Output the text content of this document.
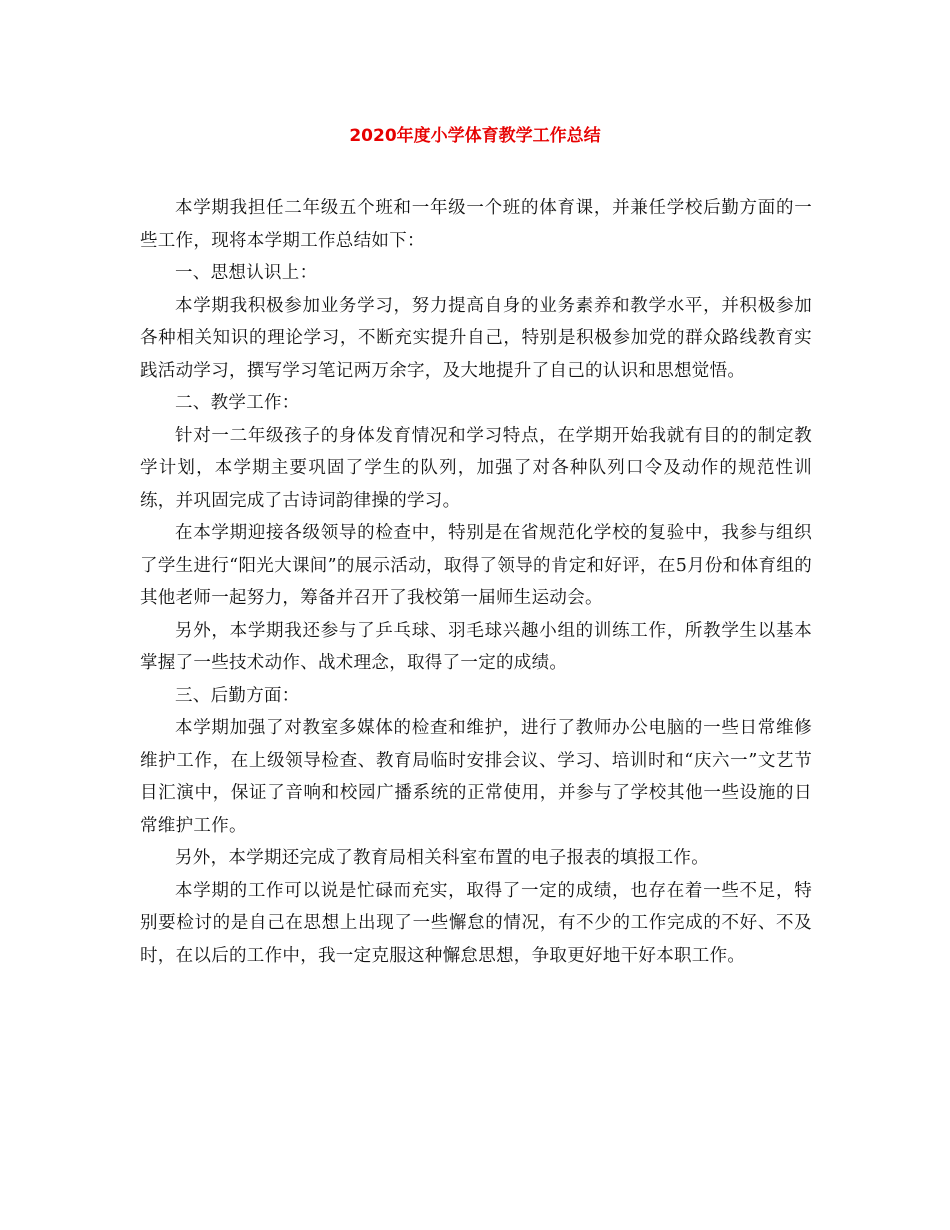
2020年度小学体育教学工作总结

本学期我担任二年级五个班和一年级一个班的体育课，并兼任学校后勤方面的一些工作，现将本学期工作总结如下：

一、思想认识上：

本学期我积极参加业务学习，努力提高自身的业务素养和教学水平，并积极参加各种相关知识的理论学习，不断充实提升自己，特别是积极参加党的群众路线教育实践活动学习，撰写学习笔记两万余字，及大地提升了自己的认识和思想觉悟。

二、教学工作：

针对一二年级孩子的身体发育情况和学习特点，在学期开始我就有目的的制定教学计划，本学期主要巩固了学生的队列，加强了对各种队列口令及动作的规范性训练，并巩固完成了古诗词韵律操的学习。

在本学期迎接各级领导的检查中，特别是在省规范化学校的复验中，我参与组织了学生进行“阳光大课间”的展示活动，取得了领导的肯定和好评，在5月份和体育组的其他老师一起努力，筹备并召开了我校第一届师生运动会。

另外，本学期我还参与了乒乓球、羽毛球兴趣小组的训练工作，所教学生以基本掌握了一些技术动作、战术理念，取得了一定的成绩。

三、后勤方面：

本学期加强了对教室多媒体的检查和维护，进行了教师办公电脑的一些日常维修维护工作，在上级领导检查、教育局临时安排会议、学习、培训时和“庆六一”文艺节目汇演中，保证了音响和校园广播系统的正常使用，并参与了学校其他一些设施的日常维护工作。

另外，本学期还完成了教育局相关科室布置的电子报表的填报工作。

本学期的工作可以说是忙碌而充实，取得了一定的成绩，也存在着一些不足，特别要检讨的是自己在思想上出现了一些懈怠的情况，有不少的工作完成的不好、不及时，在以后的工作中，我一定克服这种懈怠思想，争取更好地干好本职工作。
